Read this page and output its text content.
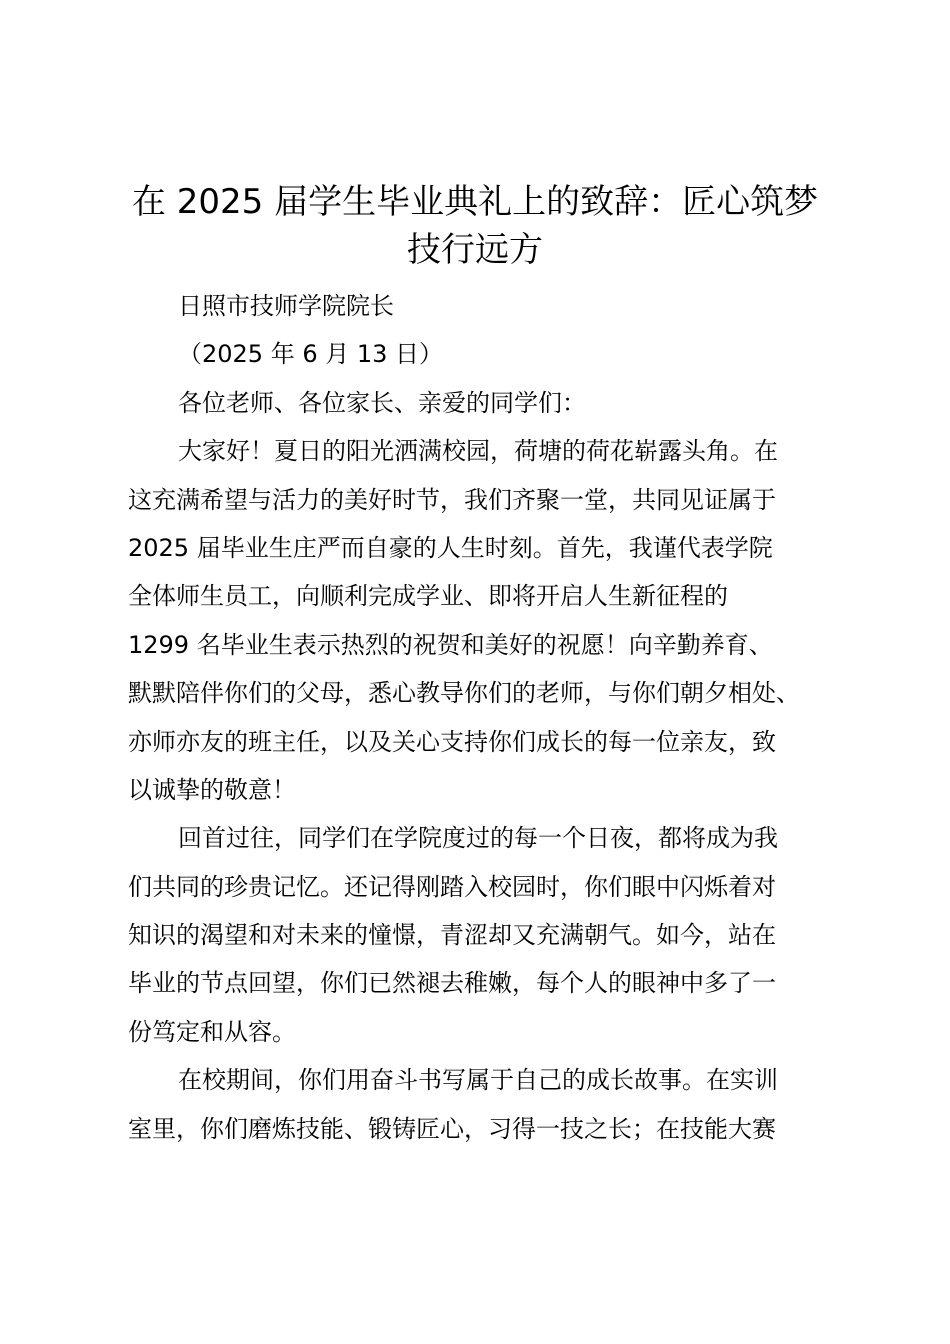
在 2025 届学生毕业典礼上的致辞：匠心筑梦
技行远方
日照市技师学院院长
（2025 年 6 月 13 日）
各位老师、各位家长、亲爱的同学们：
大家好！夏日的阳光洒满校园，荷塘的荷花崭露头角。在
这充满希望与活力的美好时节，我们齐聚一堂，共同见证属于
2025 届毕业生庄严而自豪的人生时刻。首先，我谨代表学院
全体师生员工，向顺利完成学业、即将开启人生新征程的
1299 名毕业生表示热烈的祝贺和美好的祝愿！向辛勤养育、
默默陪伴你们的父母，悉心教导你们的老师，与你们朝夕相处、
亦师亦友的班主任，以及关心支持你们成长的每一位亲友，致
以诚挚的敬意！
回首过往，同学们在学院度过的每一个日夜，都将成为我
们共同的珍贵记忆。还记得刚踏入校园时，你们眼中闪烁着对
知识的渴望和对未来的憧憬，青涩却又充满朝气。如今，站在
毕业的节点回望，你们已然褪去稚嫩，每个人的眼神中多了一
份笃定和从容。
在校期间，你们用奋斗书写属于自己的成长故事。在实训
室里，你们磨炼技能、锻铸匠心，习得一技之长；在技能大赛
